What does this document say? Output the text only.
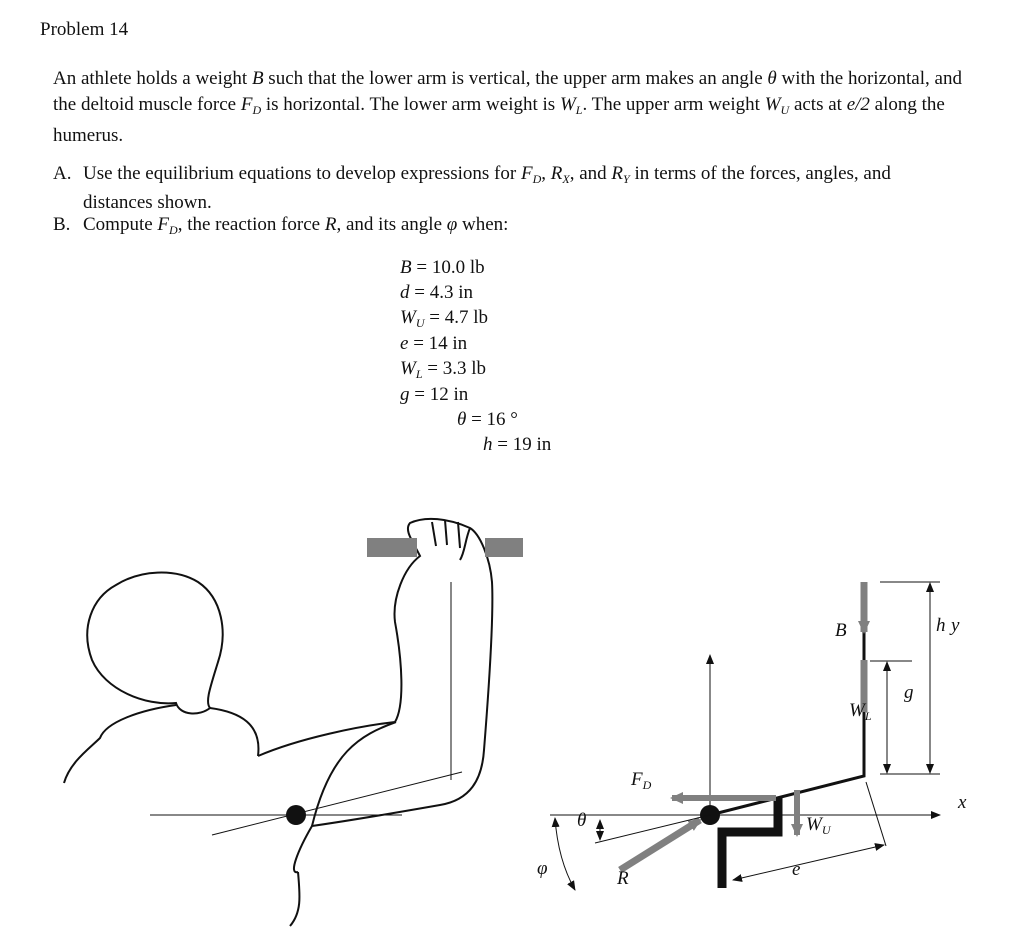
Problem 14
An athlete holds a weight B such that the lower arm is vertical, the upper arm makes an angle θ with the horizontal, and the deltoid muscle force $F_D$ is horizontal. The lower arm weight is $W_L$. The upper arm weight $W_U$ acts at e/2 along the humerus.
A. Use the equilibrium equations to develop expressions for $F_D$, $R_X$, and $R_Y$ in terms of the forces, angles, and distances shown.
B. Compute $F_D$, the reaction force R, and its angle φ when:
B = 10.0 lb
d = 4.3 in
$W_U = 4.7$ lb
e = 14 in
$W_L = 3.3$ lb
g = 12 in
θ = 16 °
h = 19 in
x
B	h y
g
$W_L$
$F_D$
θ	$W_U$
φ	R	e
